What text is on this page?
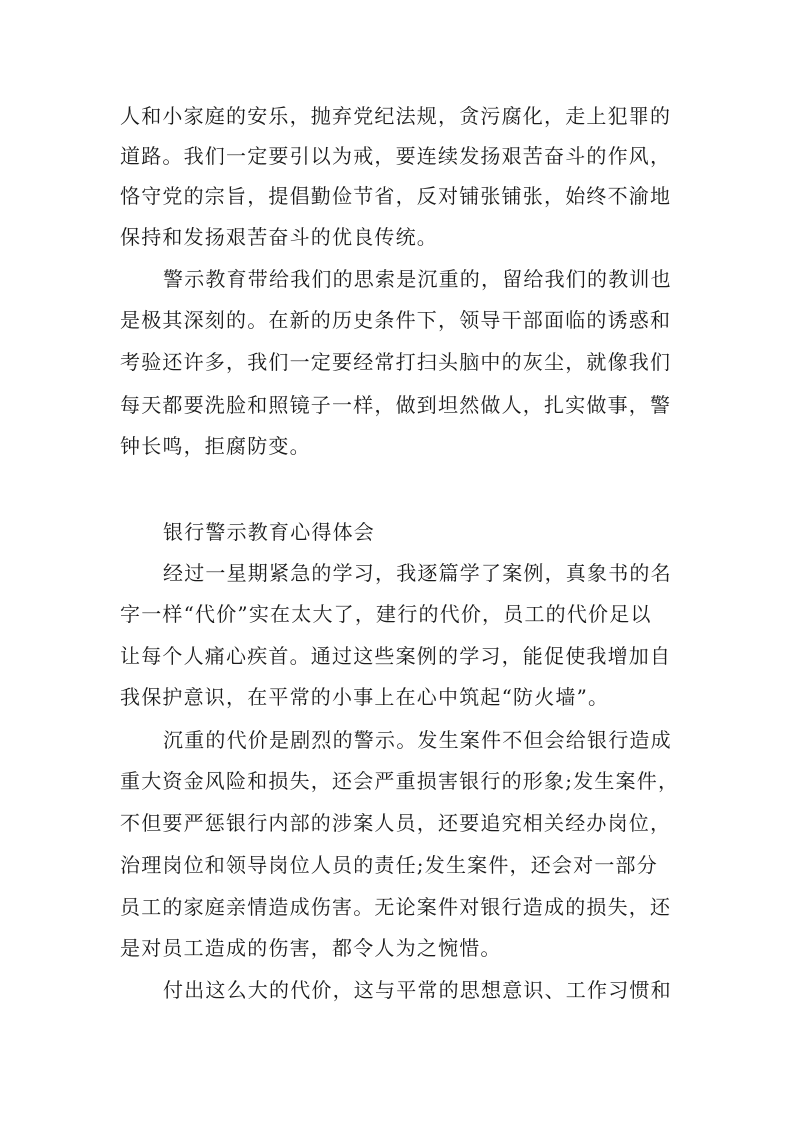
人和小家庭的安乐，抛弃党纪法规，贪污腐化，走上犯罪的
道路。我们一定要引以为戒，要连续发扬艰苦奋斗的作风，
恪守党的宗旨，提倡勤俭节省，反对铺张铺张，始终不渝地
保持和发扬艰苦奋斗的优良传统。
警示教育带给我们的思索是沉重的，留给我们的教训也
是极其深刻的。在新的历史条件下，领导干部面临的诱惑和
考验还许多，我们一定要经常打扫头脑中的灰尘，就像我们
每天都要洗脸和照镜子一样，做到坦然做人，扎实做事，警
钟长鸣，拒腐防变。
银行警示教育心得体会
经过一星期紧急的学习，我逐篇学了案例，真象书的名
字一样“代价”实在太大了，建行的代价，员工的代价足以
让每个人痛心疾首。通过这些案例的学习，能促使我增加自
我保护意识，在平常的小事上在心中筑起“防火墙”。
沉重的代价是剧烈的警示。发生案件不但会给银行造成
重大资金风险和损失，还会严重损害银行的形象;发生案件，
不但要严惩银行内部的涉案人员，还要追究相关经办岗位，
治理岗位和领导岗位人员的责任;发生案件，还会对一部分
员工的家庭亲情造成伤害。无论案件对银行造成的损失，还
是对员工造成的伤害，都令人为之惋惜。
付出这么大的代价，这与平常的思想意识、工作习惯和
